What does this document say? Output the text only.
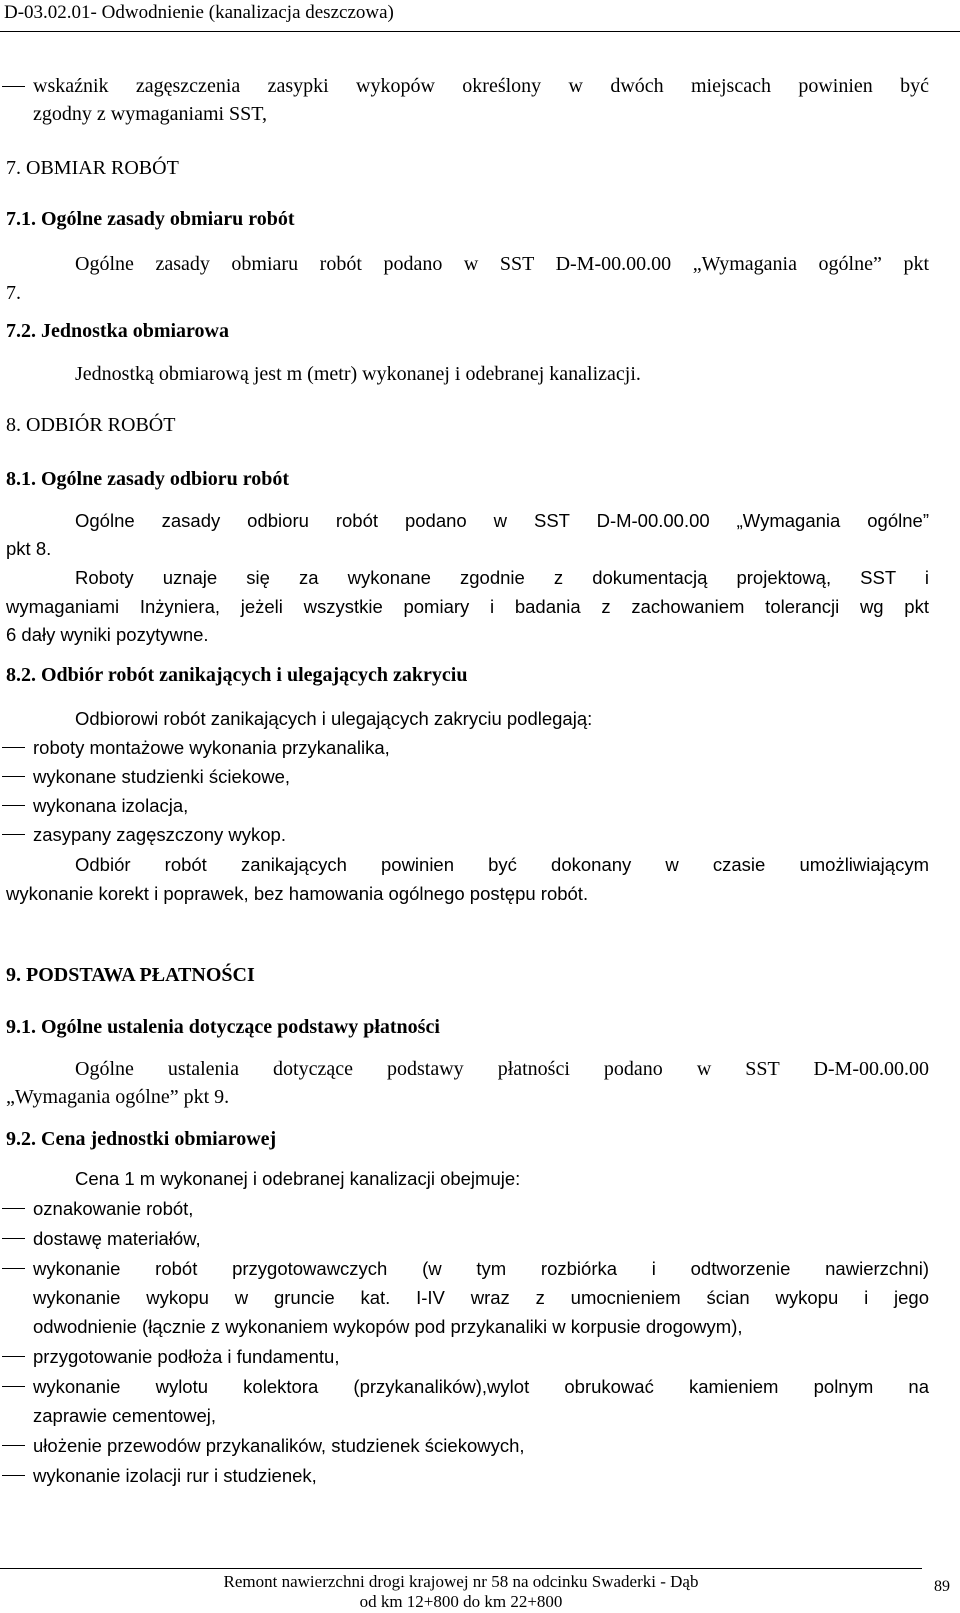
D-03.02.01- Odwodnienie (kanalizacja deszczowa)
wskaźnik zagęszczenia zasypki wykopów określony w dwóch miejscach powinien być
zgodny z wymaganiami SST,
7. OBMIAR ROBÓT
7.1. Ogólne zasady obmiaru robót
Ogólne zasady obmiaru robót podano w SST D-M-00.00.00 „Wymagania ogólne” pkt
7.
7.2. Jednostka obmiarowa
Jednostką obmiarową jest m (metr) wykonanej i odebranej kanalizacji.
8. ODBIÓR ROBÓT
8.1. Ogólne zasady odbioru robót
Ogólne zasady odbioru robót podano w SST D-M-00.00.00 „Wymagania ogólne”
pkt 8.
Roboty uznaje się za wykonane zgodnie z dokumentacją projektową, SST i
wymaganiami Inżyniera, jeżeli wszystkie pomiary i badania z zachowaniem tolerancji wg pkt
6 dały wyniki pozytywne.
8.2. Odbiór robót zanikających i ulegających zakryciu
Odbiorowi robót zanikających i ulegających zakryciu podlegają:
roboty montażowe wykonania przykanalika,
wykonane studzienki ściekowe,
wykonana izolacja,
zasypany zagęszczony wykop.
Odbiór robót zanikających powinien być dokonany w czasie umożliwiającym
wykonanie korekt i poprawek, bez hamowania ogólnego postępu robót.
9. PODSTAWA PŁATNOŚCI
9.1. Ogólne ustalenia dotyczące podstawy płatności
Ogólne ustalenia dotyczące podstawy płatności podano w SST D-M-00.00.00
„Wymagania ogólne” pkt 9.
9.2. Cena jednostki obmiarowej
Cena 1 m wykonanej i odebranej kanalizacji obejmuje:
oznakowanie robót,
dostawę materiałów,
wykonanie robót przygotowawczych (w tym rozbiórka i odtworzenie nawierzchni)
wykonanie wykopu w gruncie kat. I-IV wraz z umocnieniem ścian wykopu i jego
odwodnienie (łącznie z wykonaniem wykopów pod przykanaliki w korpusie drogowym),
przygotowanie podłoża i fundamentu,
wykonanie wylotu kolektora (przykanalików),wylot obrukować kamieniem polnym na
zaprawie cementowej,
ułożenie przewodów przykanalików, studzienek ściekowych,
wykonanie izolacji rur i studzienek,
Remont nawierzchni drogi krajowej nr 58 na odcinku Swaderki - Dąb
od km 12+800 do km 22+800
89
